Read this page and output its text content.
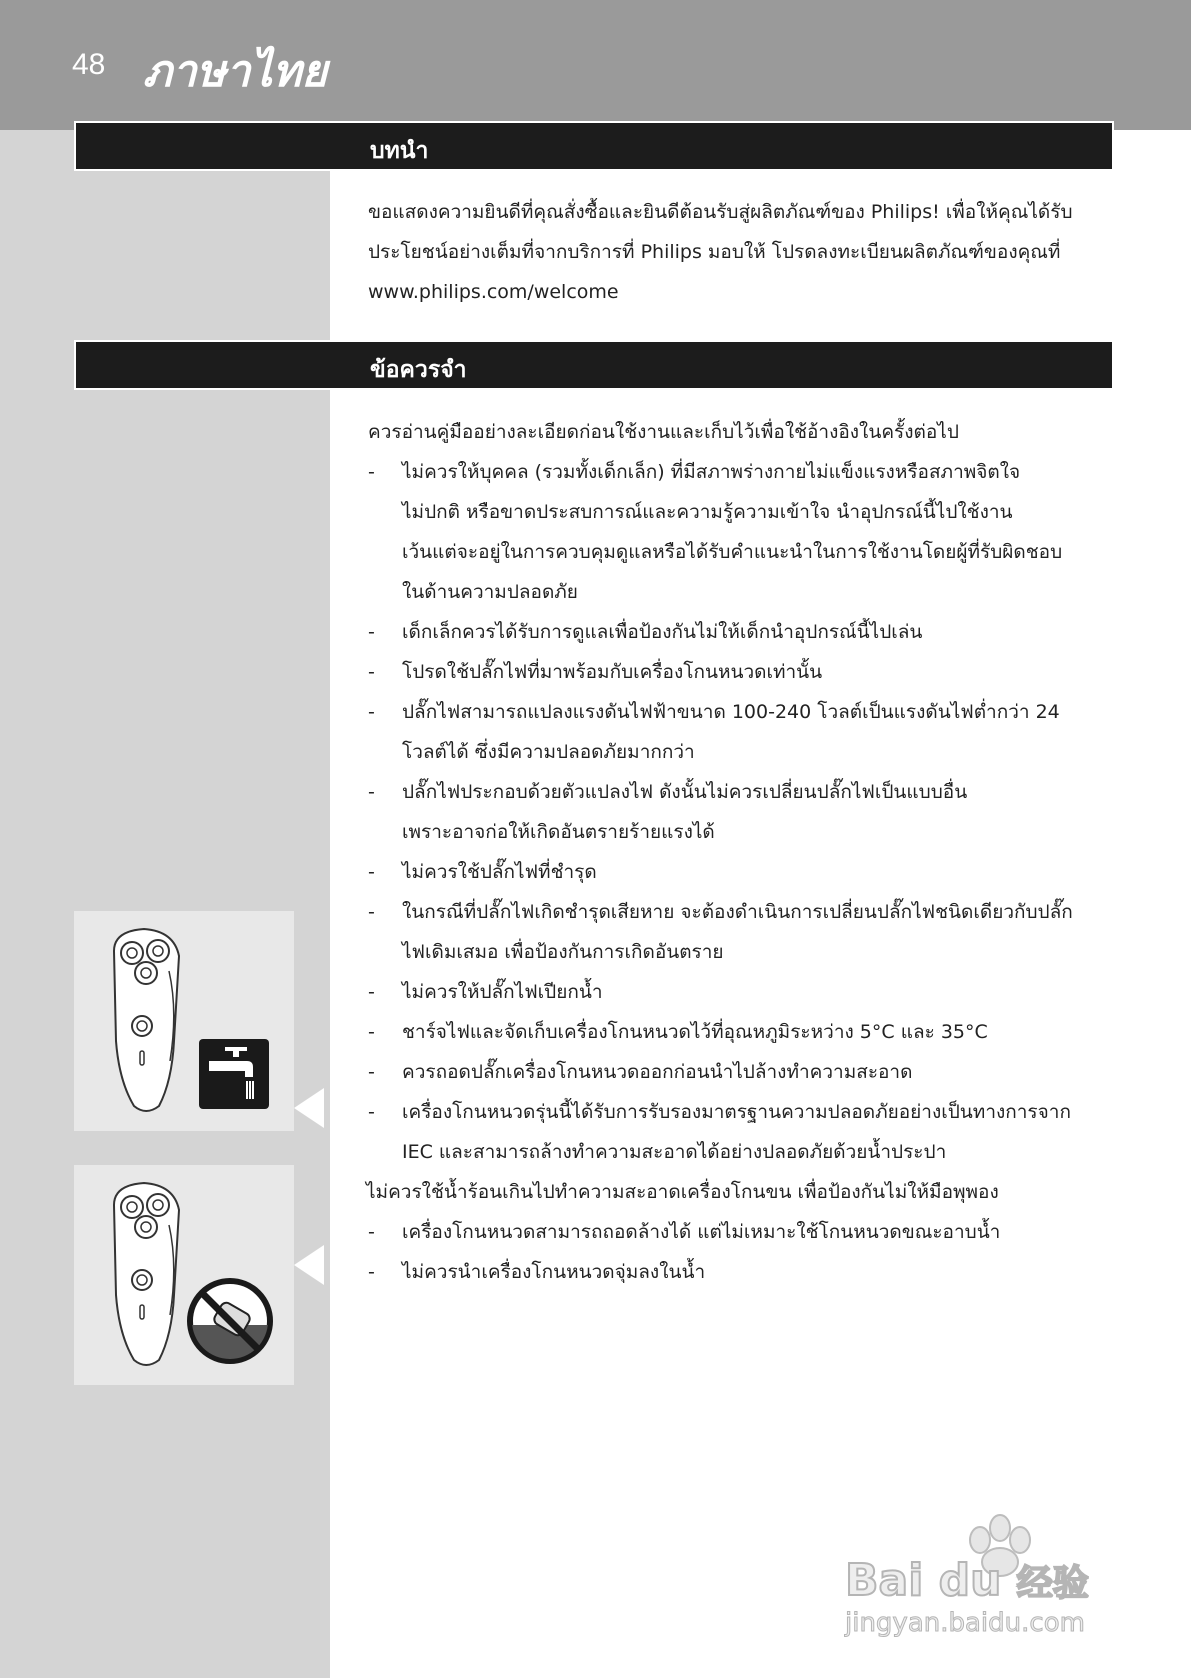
48 ภาษาไทย
บทนำ

ขอแสดงความยินดีที่คุณสั่งซื้อและยินดีต้อนรับสู่ผลิตภัณฑ์ของ Philips! เพื่อให้คุณได้รับ

ประโยชน์อย่างเต็มที่จากบริการที่ Philips มอบให้ โปรดลงทะเบียนผลิตภัณฑ์ของคุณที่

www.philips.com/welcome

ข้อควรจำ

ควรอ่านคู่มืออย่างละเอียดก่อนใช้งานและเก็บไว้เพื่อใช้อ้างอิงในครั้งต่อไป

- ไม่ควรให้บุคคล (รวมทั้งเด็กเล็ก) ที่มีสภาพร่างกายไม่แข็งแรงหรือสภาพจิตใจ
ไม่ปกติ หรือขาดประสบการณ์และความรู้ความเข้าใจ นำอุปกรณ์นี้ไปใช้งาน
เว้นแต่จะอยู่ในการควบคุมดูแลหรือได้รับคำแนะนำในการใช้งานโดยผู้ที่รับผิดชอบ
ในด้านความปลอดภัย
- เด็กเล็กควรได้รับการดูแลเพื่อป้องกันไม่ให้เด็กนำอุปกรณ์นี้ไปเล่น
- โปรดใช้ปลั๊กไฟที่มาพร้อมกับเครื่องโกนหนวดเท่านั้น
- ปลั๊กไฟสามารถแปลงแรงดันไฟฟ้าขนาด 100-240 โวลต์เป็นแรงดันไฟต่ำกว่า 24
โวลต์ได้ ซึ่งมีความปลอดภัยมากกว่า
- ปลั๊กไฟประกอบด้วยตัวแปลงไฟ ดังนั้นไม่ควรเปลี่ยนปลั๊กไฟเป็นแบบอื่น
เพราะอาจก่อให้เกิดอันตรายร้ายแรงได้
- ไม่ควรใช้ปลั๊กไฟที่ชำรุด
- ในกรณีที่ปลั๊กไฟเกิดชำรุดเสียหาย จะต้องดำเนินการเปลี่ยนปลั๊กไฟชนิดเดียวกับปลั๊ก
ไฟเดิมเสมอ เพื่อป้องกันการเกิดอันตราย
- ไม่ควรให้ปลั๊กไฟเปียกน้ำ
- ชาร์จไฟและจัดเก็บเครื่องโกนหนวดไว้ที่อุณหภูมิระหว่าง 5°C และ 35°C
- ควรถอดปลั๊กเครื่องโกนหนวดออกก่อนนำไปล้างทำความสะอาด
- เครื่องโกนหนวดรุ่นนี้ได้รับการรับรองมาตรฐานความปลอดภัยอย่างเป็นทางการจาก
IEC และสามารถล้างทำความสะอาดได้อย่างปลอดภัยด้วยน้ำประปา

ไม่ควรใช้น้ำร้อนเกินไปทำความสะอาดเครื่องโกนขน เพื่อป้องกันไม่ให้มือพุพอง

- เครื่องโกนหนวดสามารถถอดล้างได้ แต่ไม่เหมาะใช้โกนหนวดขณะอาบน้ำ
- ไม่ควรนำเครื่องโกนหนวดจุ่มลงในน้ำ
Bai du 经验
jingyan.baidu.com
